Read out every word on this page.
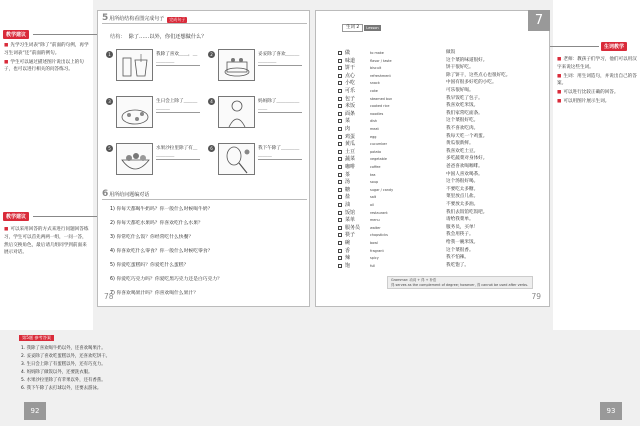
教学建议

■ 先学习生词表“除了”前面的句例，再学习生词表“还”前面的例句。

■ 学生可以通过描述图片说出以上的句子，也可以进行相关的问答练习。

教学建议

■ 可以采用回答的方式来进行问题回答练习，学生可以首先两两一组，一问一答，然后交换角色，最后请几组同学到前面来展示对话。

生词教学

■ 老师：教孩子们学习，他们可以用汉字来说这些生词。

■ 生词：用生词造句，并说出自己的答案。

■ 可以进行比较正确的回答。

■ 可以用图片展示生词。

5 用所给结构看图完成句子	完成句子
结构： 除了……以外，你们还想做什么？
1	我除了喜欢＿＿，＿＿＿＿＿
2	妥妥除了喜欢＿＿＿＿＿＿＿
3	生日会上除了＿＿＿＿＿＿
4	妈妈除了＿＿＿＿＿＿＿
5	水果沙拉里除了有＿＿＿＿＿
6	我下午除了＿＿＿＿＿＿＿
6 用所给问题编对话
1) 你每天都喝牛奶吗？你一般什么时候喝牛奶？
2) 你每天都吃水果吗？你喜欢吃什么水果？
3) 你常吃什么饭？你经常吃什么快餐？
4) 你喜欢吃什么零食？你一般什么时候吃零食？
5) 你爱吃蛋糕吗？你爱吃什么蛋糕？
6) 你爱吃巧克力吗？你爱吃黑巧克力还是白巧克力？
7) 你喜欢喝果汁吗？你喜欢喝什么果汁？
78
7
生词 2	Lesson
做	to make	做饭
味道	flavor / taste	这个菜的味道很好。
饼干	biscuit	饼干很好吃。
点心	refreshment	除了饼干，这些点心也很好吃。
小吃	snack	中国有很多好吃的小吃。
可乐	coke	可乐很好喝。
包子	steamed bun	我早饭吃了包子。
米饭	cooked rice	我喜欢吃米饭。
面条	noodles	我们家常吃面条。
菜	dish	这个菜很好吃。
肉	meat	我不喜欢吃肉。
鸡蛋	egg	我每天吃一个鸡蛋。
黄瓜	cucumber	黄瓜很新鲜。
土豆	potato	我喜欢吃土豆。
蔬菜	vegetable	多吃蔬菜对身体好。
咖啡	coffee	爸爸喜欢喝咖啡。
茶	tea	中国人喜欢喝茶。
汤	soup	这个汤很好喝。
糖	sugar / candy	不要吃太多糖。
盐	salt	菜里放点儿盐。
油	oil	不要放太多油。
饭馆	restaurant	我们去饭馆吃饭吧。
菜单	menu	请给我菜单。
服务员	waiter	服务员，买单！
筷子	chopsticks	我会用筷子。
碗	bowl	给我一碗米饭。
香	fragrant	这个菜很香。
辣	spicy	我不怕辣。
饱	full	我吃饱了。
Grammar: 动词 + 得 + 补语
得 serves as the complement of degree; however, 得 cannot be used after verbs.
79
第5题 参考答案
1. 我除了喜欢喝牛奶以外，还喜欢喝果汁。
2. 妥妥除了喜欢吃蛋糕以外，还喜欢吃饼干。
3. 生日会上除了有蛋糕以外，还有巧克力。
4. 妈妈除了做饭以外，还要洗衣服。
5. 水果沙拉里除了有苹果以外，还有香蕉。
6. 我下午除了去打球以外，还要去游泳。
92	93
